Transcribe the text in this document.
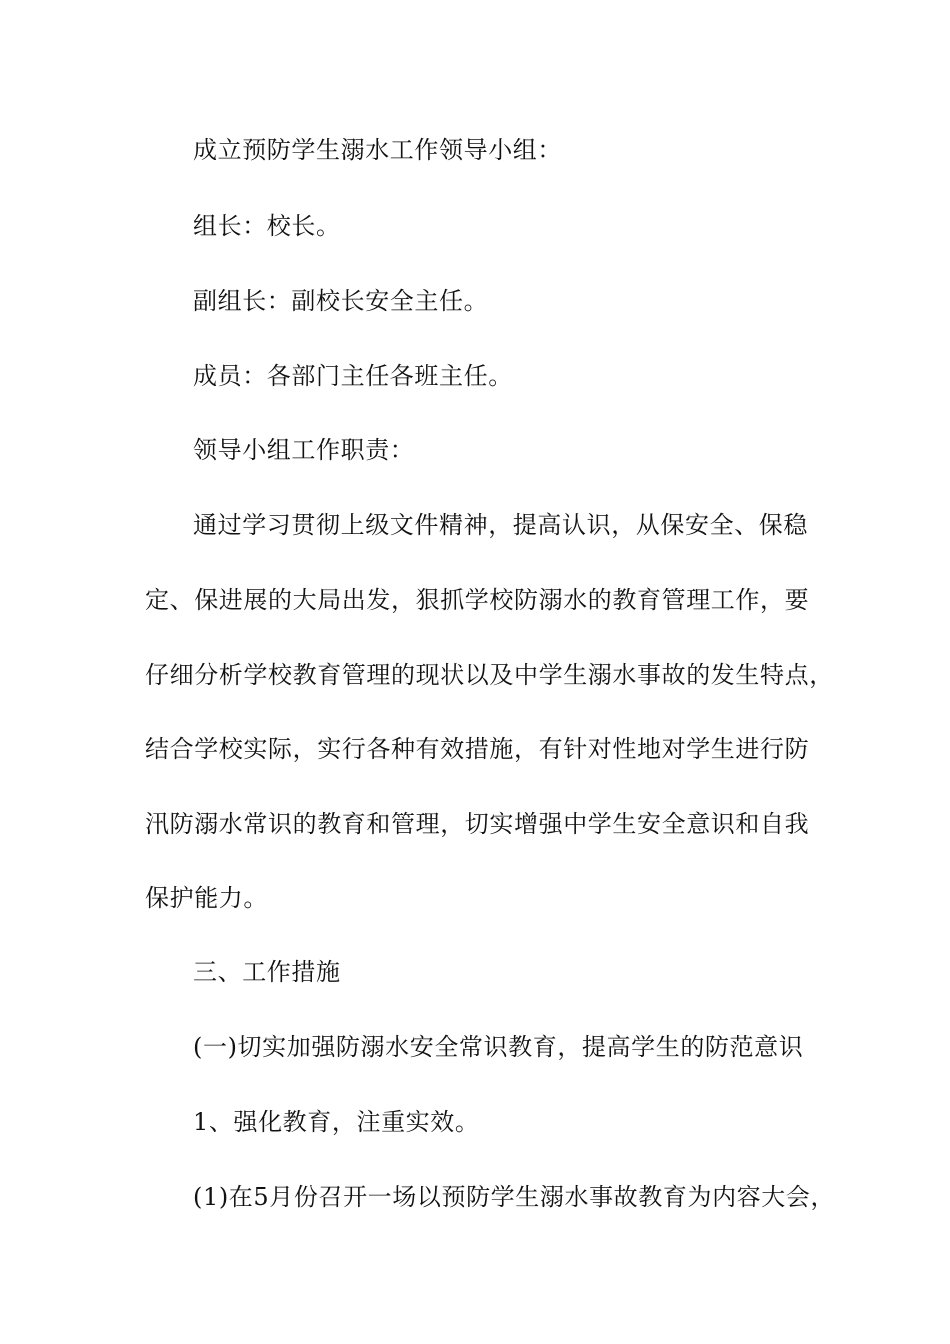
成立预防学生溺水工作领导小组：
组长：校长。
副组长：副校长安全主任。
成员：各部门主任各班主任。
领导小组工作职责：
通过学习贯彻上级文件精神，提高认识，从保安全、保稳
定、保进展的大局出发，狠抓学校防溺水的教育管理工作，要
仔细分析学校教育管理的现状以及中学生溺水事故的发生特点，
结合学校实际，实行各种有效措施，有针对性地对学生进行防
汛防溺水常识的教育和管理，切实增强中学生安全意识和自我
保护能力。
三、工作措施
(一)切实加强防溺水安全常识教育，提高学生的防范意识
1、强化教育，注重实效。
(1)在5月份召开一场以预防学生溺水事故教育为内容大会，
